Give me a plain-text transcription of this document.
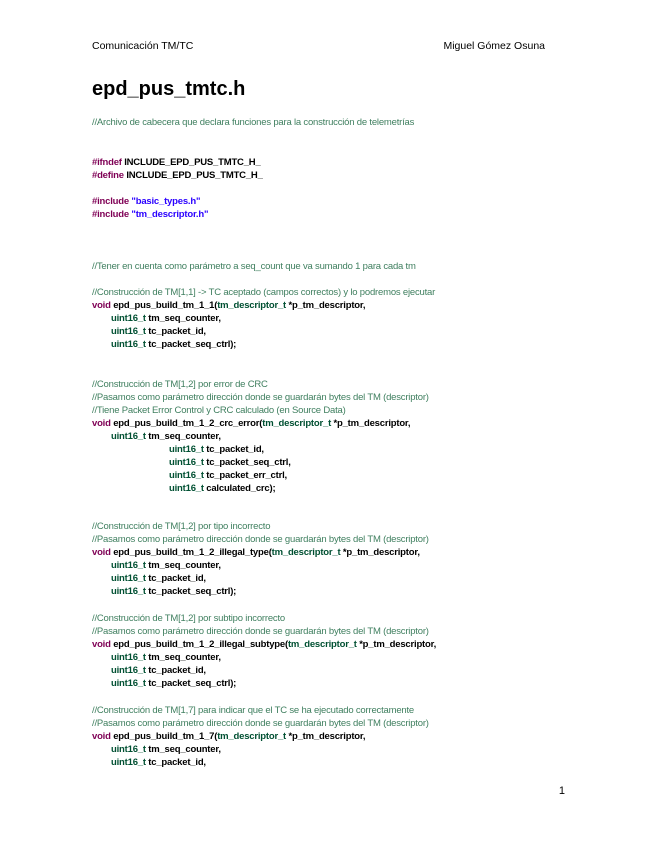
Comunicación TM/TC	Miguel Gómez Osuna
epd_pus_tmtc.h
//Archivo de cabecera que declara funciones para la construcción de telemetrías
#ifndef INCLUDE_EPD_PUS_TMTC_H_
#define INCLUDE_EPD_PUS_TMTC_H_
#include "basic_types.h"
#include "tm_descriptor.h"
//Tener en cuenta como parámetro a seq_count que va sumando 1 para cada tm
//Construcción de TM[1,1] -> TC aceptado (campos correctos) y lo podremos ejecutar
void epd_pus_build_tm_1_1(tm_descriptor_t *p_tm_descriptor,
uint16_t tm_seq_counter,
uint16_t tc_packet_id,
uint16_t tc_packet_seq_ctrl);
//Construcción de TM[1,2] por error de CRC
//Pasamos como parámetro dirección donde se guardarán bytes del TM (descriptor)
//Tiene Packet Error Control y CRC calculado (en Source Data)
void epd_pus_build_tm_1_2_crc_error(tm_descriptor_t *p_tm_descriptor,
uint16_t tm_seq_counter,
uint16_t tc_packet_id,
uint16_t tc_packet_seq_ctrl,
uint16_t tc_packet_err_ctrl,
uint16_t calculated_crc);
//Construcción de TM[1,2] por tipo incorrecto
//Pasamos como parámetro dirección donde se guardarán bytes del TM (descriptor)
void epd_pus_build_tm_1_2_illegal_type(tm_descriptor_t *p_tm_descriptor,
uint16_t tm_seq_counter,
uint16_t tc_packet_id,
uint16_t tc_packet_seq_ctrl);
//Construcción de TM[1,2] por subtipo incorrecto
//Pasamos como parámetro dirección donde se guardarán bytes del TM (descriptor)
void epd_pus_build_tm_1_2_illegal_subtype(tm_descriptor_t *p_tm_descriptor,
uint16_t tm_seq_counter,
uint16_t tc_packet_id,
uint16_t tc_packet_seq_ctrl);
//Construcción de TM[1,7] para indicar que el TC se ha ejecutado correctamente
//Pasamos como parámetro dirección donde se guardarán bytes del TM (descriptor)
void epd_pus_build_tm_1_7(tm_descriptor_t *p_tm_descriptor,
uint16_t tm_seq_counter,
uint16_t tc_packet_id,
1
